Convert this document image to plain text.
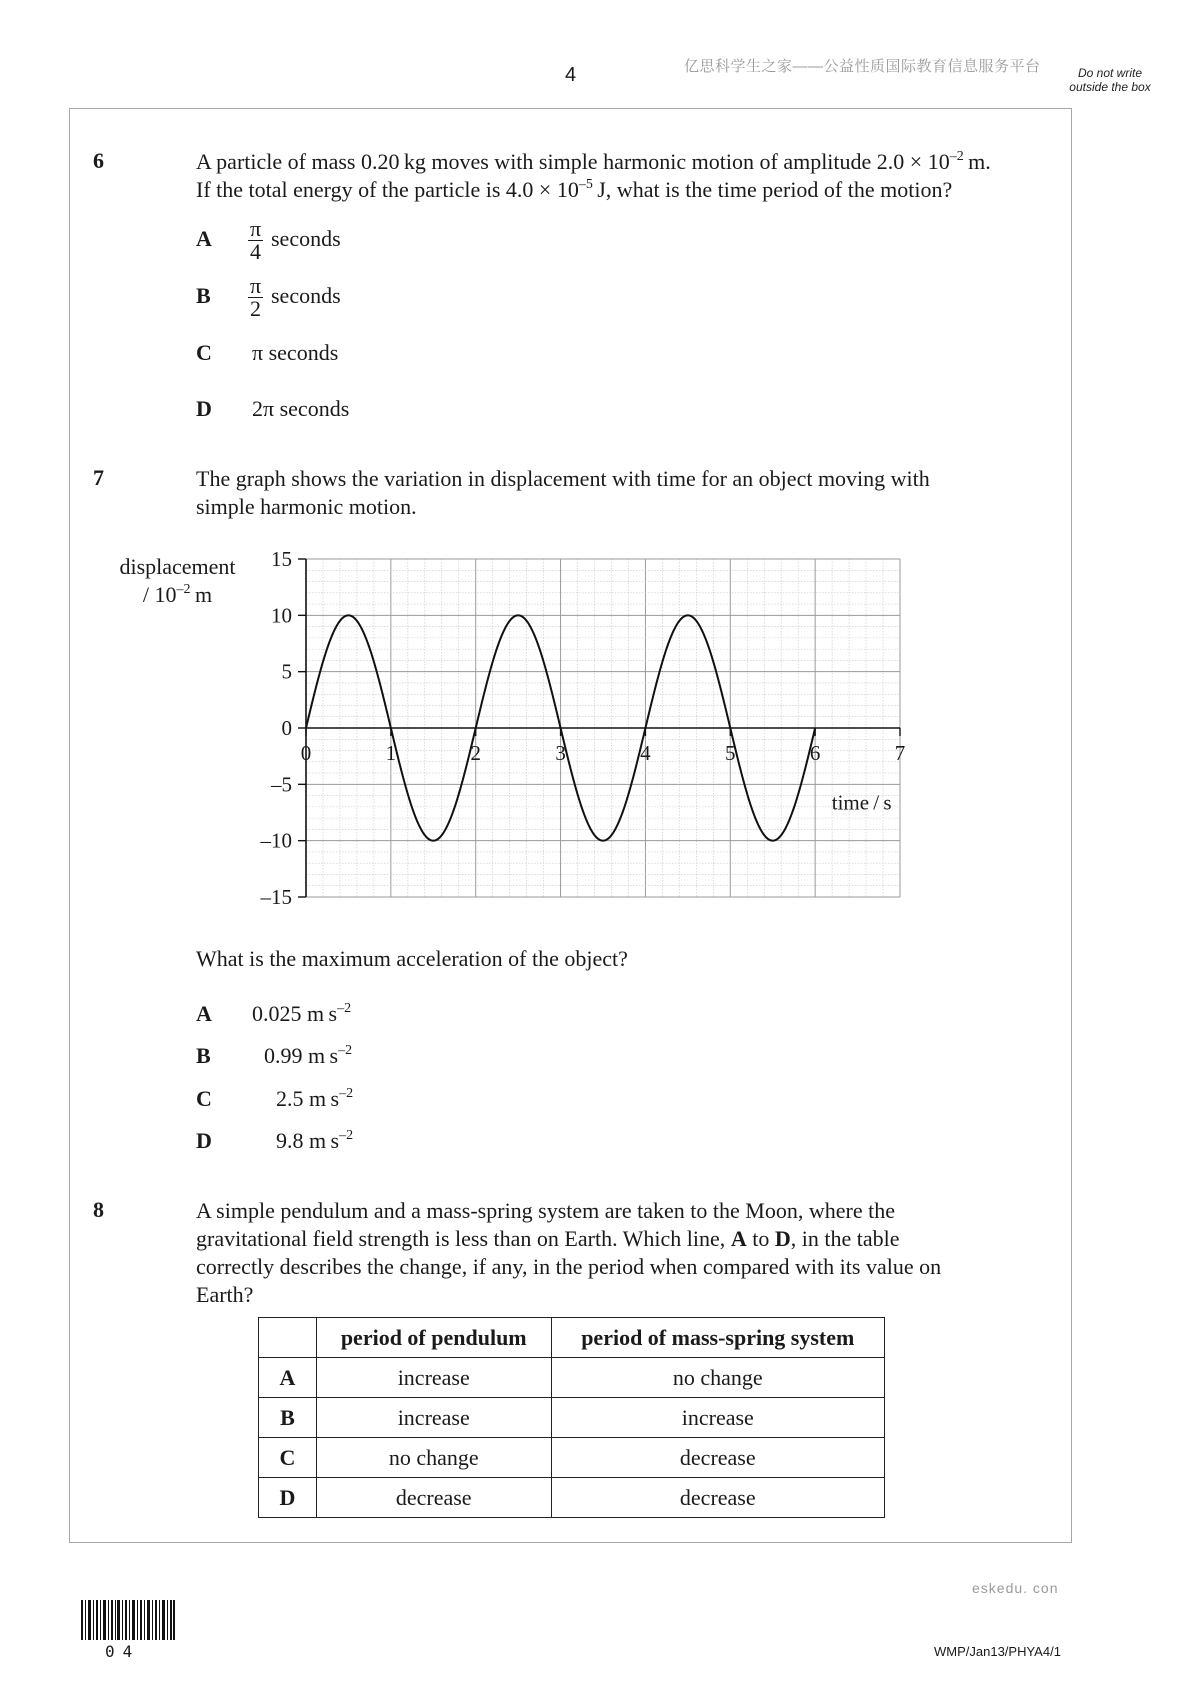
4	亿思科学生之家——公益性质国际教育信息服务平台	Do not write outside the box
6	A particle of mass 0.20 kg moves with simple harmonic motion of amplitude $2.0 \times 10^{-2}$ m.
If the total energy of the particle is $4.0 \times 10^{-5}$ J, what is the time period of the motion?
A $\frac{\pi}{4}$ seconds
B $\frac{\pi}{2}$ seconds
C π seconds
D 2π seconds
7	The graph shows the variation in displacement with time for an object moving with
simple harmonic motion.
displacement
/ $10^{-2}$ m
15
10
5
0
–5
–10
–15
0	1	2	3	4	5	6	7
time / s
What is the maximum acceleration of the object?
A 0.025 m $s^{-2}$
B 0.99 m $s^{-2}$
C	2.5 m $s^{-2}$
D	9.8 m $s^{-2}$
8	A simple pendulum and a mass-spring system are taken to the Moon, where the
gravitational field strength is less than on Earth. Which line, A to D, in the table
correctly describes the change, if any, in the period when compared with its value on
Earth?
	period of pendulum	period of mass-spring system
A	increase	no change
B	increase	increase
C	no change	decrease
D	decrease	decrease
eskedu. con
04	WMP/Jan13/PHYA4/1
